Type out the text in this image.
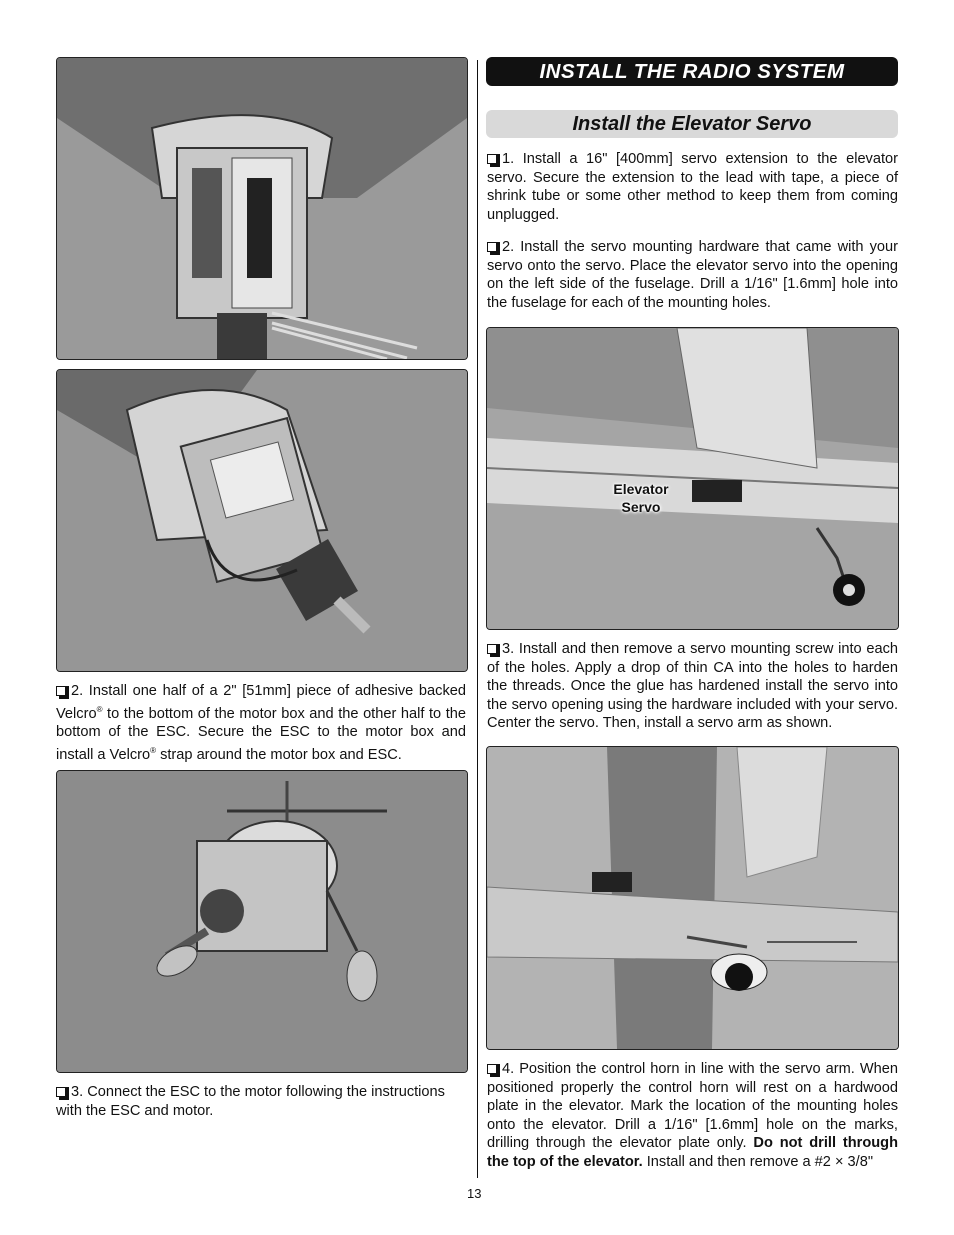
2. Install one half of a 2" [51mm] piece of adhesive backed Velcro® to the bottom of the motor box and the other half to the bottom of the ESC. Secure the ESC to the motor box and install a Velcro® strap around the motor box and ESC.
3. Connect the ESC to the motor following the instructions with the ESC and motor.
INSTALL THE RADIO SYSTEM
Install the Elevator Servo
1. Install a 16" [400mm] servo extension to the elevator servo. Secure the extension to the lead with tape, a piece of shrink tube or some other method to keep them from coming unplugged.
2. Install the servo mounting hardware that came with your servo onto the servo. Place the elevator servo into the opening on the left side of the fuselage. Drill a 1/16" [1.6mm] hole into the fuselage for each of the mounting holes.
Elevator
Servo
3. Install and then remove a servo mounting screw into each of the holes. Apply a drop of thin CA into the holes to harden the threads. Once the glue has hardened install the servo into the servo opening using the hardware included with your servo. Center the servo. Then, install a servo arm as shown.
4. Position the control horn in line with the servo arm. When positioned properly the control horn will rest on a hardwood plate in the elevator. Mark the location of the mounting holes onto the elevator. Drill a 1/16" [1.6mm] hole on the marks, drilling through the elevator plate only. Do not drill through the top of the elevator. Install and then remove a #2 × 3/8"
13
